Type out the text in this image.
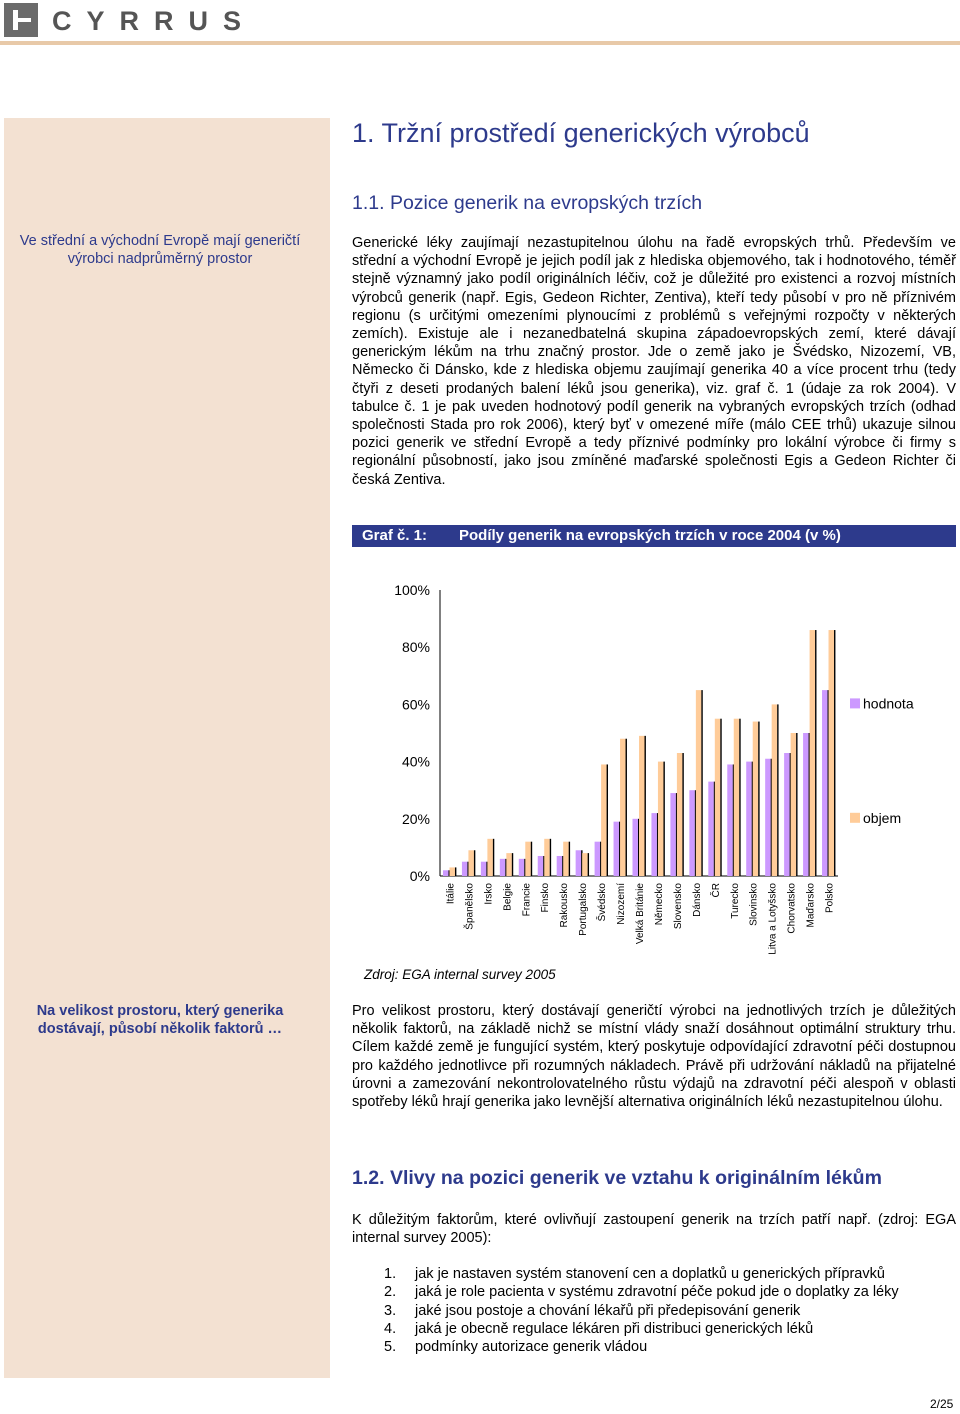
CYRRUS
Ve střední a východní Evropě mají generičtí výrobci nadprůměrný prostor
Na velikost prostoru, který generika dostávají, působí několik faktorů …
1. Tržní prostředí generických výrobců
1.1. Pozice generik na evropských trzích
Generické léky zaujímají nezastupitelnou úlohu na řadě evropských trhů. Především ve střední a východní Evropě je jejich podíl jak z hlediska objemového, tak i hodnotového, téměř stejně významný jako podíl originálních léčiv, což je důležité pro existenci a rozvoj místních výrobců generik (např. Egis, Gedeon Richter, Zentiva), kteří tedy působí v pro ně příznivém regionu (s určitými omezeními plynoucími z problémů s veřejnými rozpočty v některých zemích). Existuje ale i nezanedbatelná skupina západoevropských zemí, které dávají generickým lékům na trhu značný prostor. Jde o země jako je Švédsko, Nizozemí, VB, Německo či Dánsko, kde z hlediska objemu zaujímají generika 40 a více procent trhu (tedy čtyři z deseti prodaných balení léků jsou generika), viz. graf č. 1 (údaje za rok 2004). V tabulce č. 1 je pak uveden hodnotový podíl generik na vybraných evropských trzích (odhad společnosti Stada pro rok 2006), který byť v omezené míře (málo CEE trhů) ukazuje silnou pozici generik ve střední Evropě a tedy příznivé podmínky pro lokální výrobce či firmy s regionální působností, jako jsou zmíněné maďarské společnosti Egis a Gedeon Richter či česká Zentiva.
Graf č. 1: Podíly generik na evropských trzích v roce 2004 (v %)
0%
20%
40%
60%
80%
100%
Itálie Španělsko Irsko Belgie Francie Finsko Rakousko Portugalsko Švédsko Nizozemí Velká Británie Německo Slovensko Dánsko ČR Turecko Slovinsko Litva a Lotyšsko Chorvatsko Maďarsko Polsko
hodnota
objem
Zdroj: EGA internal survey 2005
Pro velikost prostoru, který dostávají generičtí výrobci na jednotlivých trzích je důležitých několik faktorů, na základě nichž se místní vlády snaží dosáhnout optimální struktury trhu. Cílem každé země je fungující systém, který poskytuje odpovídající zdravotní péči dostupnou pro každého jednotlivce při rozumných nákladech. Právě při udržování nákladů na přijatelné úrovni a zamezování nekontrolovatelného růstu výdajů na zdravotní péči alespoň v oblasti spotřeby léků hrají generika jako levnější alternativa originálních léků nezastupitelnou úlohu.
1.2. Vlivy na pozici generik ve vztahu k originálním lékům
K důležitým faktorům, které ovlivňují zastoupení generik na trzích patří např. (zdroj: EGA internal survey 2005):
1. jak je nastaven systém stanovení cen a doplatků u generických přípravků
2. jaká je role pacienta v systému zdravotní péče pokud jde o doplatky za léky
3. jaké jsou postoje a chování lékařů při předepisování generik
4. jaká je obecně regulace lékáren při distribuci generických léků
5. podmínky autorizace generik vládou
2/25
